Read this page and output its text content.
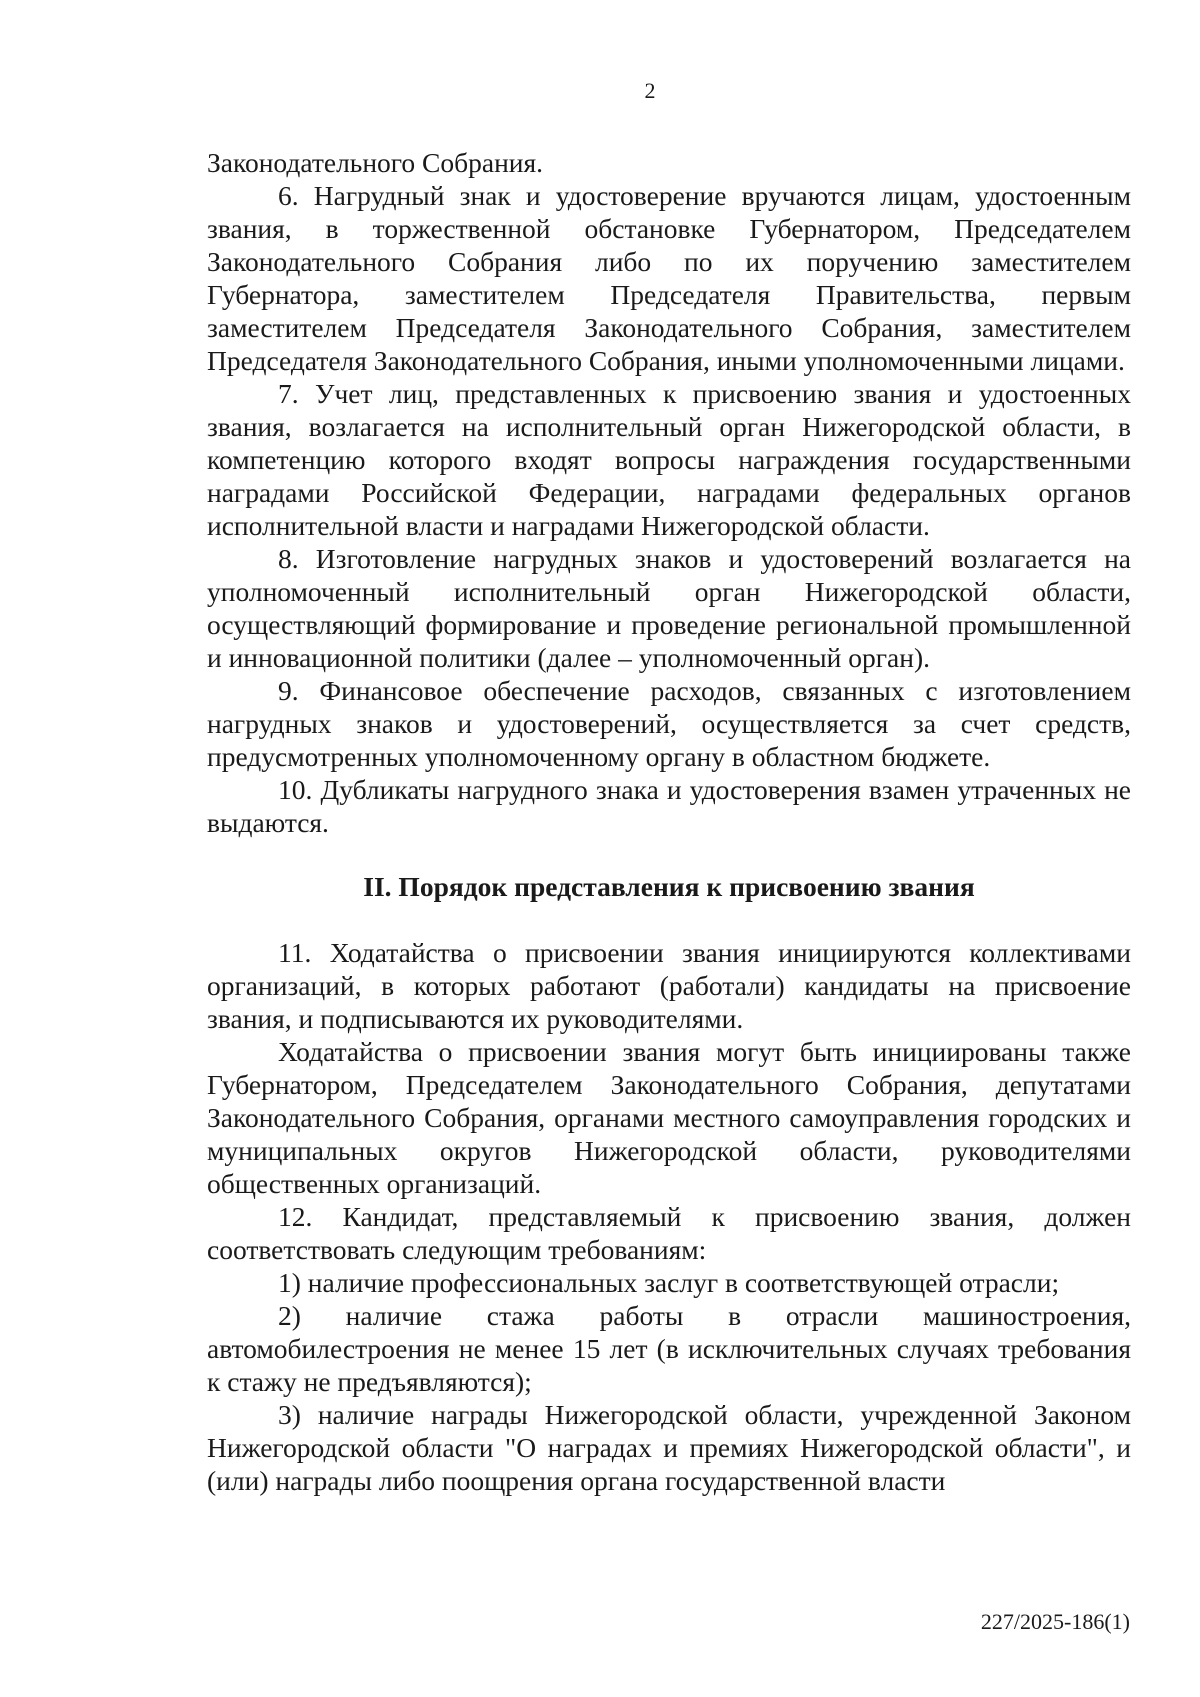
2

Законодательного Собрания.

6. Нагрудный знак и удостоверение вручаются лицам, удостоенным звания, в торжественной обстановке Губернатором, Председателем Законодательного Собрания либо по их поручению заместителем Губернатора, заместителем Председателя Правительства, первым заместителем Председателя Законодательного Собрания, заместителем Председателя Законодательного Собрания, иными уполномоченными лицами.

7. Учет лиц, представленных к присвоению звания и удостоенных звания, возлагается на исполнительный орган Нижегородской области, в компетенцию которого входят вопросы награждения государственными наградами Российской Федерации, наградами федеральных органов исполнительной власти и наградами Нижегородской области.

8. Изготовление нагрудных знаков и удостоверений возлагается на уполномоченный исполнительный орган Нижегородской области, осуществляющий формирование и проведение региональной промышленной и инновационной политики (далее – уполномоченный орган).

9. Финансовое обеспечение расходов, связанных с изготовлением нагрудных знаков и удостоверений, осуществляется за счет средств, предусмотренных уполномоченному органу в областном бюджете.

10. Дубликаты нагрудного знака и удостоверения взамен утраченных не выдаются.

II. Порядок представления к присвоению звания

11. Ходатайства о присвоении звания инициируются коллективами организаций, в которых работают (работали) кандидаты на присвоение звания, и подписываются их руководителями.

Ходатайства о присвоении звания могут быть инициированы также Губернатором, Председателем Законодательного Собрания, депутатами Законодательного Собрания, органами местного самоуправления городских и муниципальных округов Нижегородской области, руководителями общественных организаций.

12. Кандидат, представляемый к присвоению звания, должен соответствовать следующим требованиям:

1) наличие профессиональных заслуг в соответствующей отрасли;

2) наличие стажа работы в отрасли машиностроения, автомобилестроения не менее 15 лет (в исключительных случаях требования к стажу не предъявляются);

3) наличие награды Нижегородской области, учрежденной Законом Нижегородской области "О наградах и премиях Нижегородской области", и (или) награды либо поощрения органа государственной власти

227/2025-186(1)
